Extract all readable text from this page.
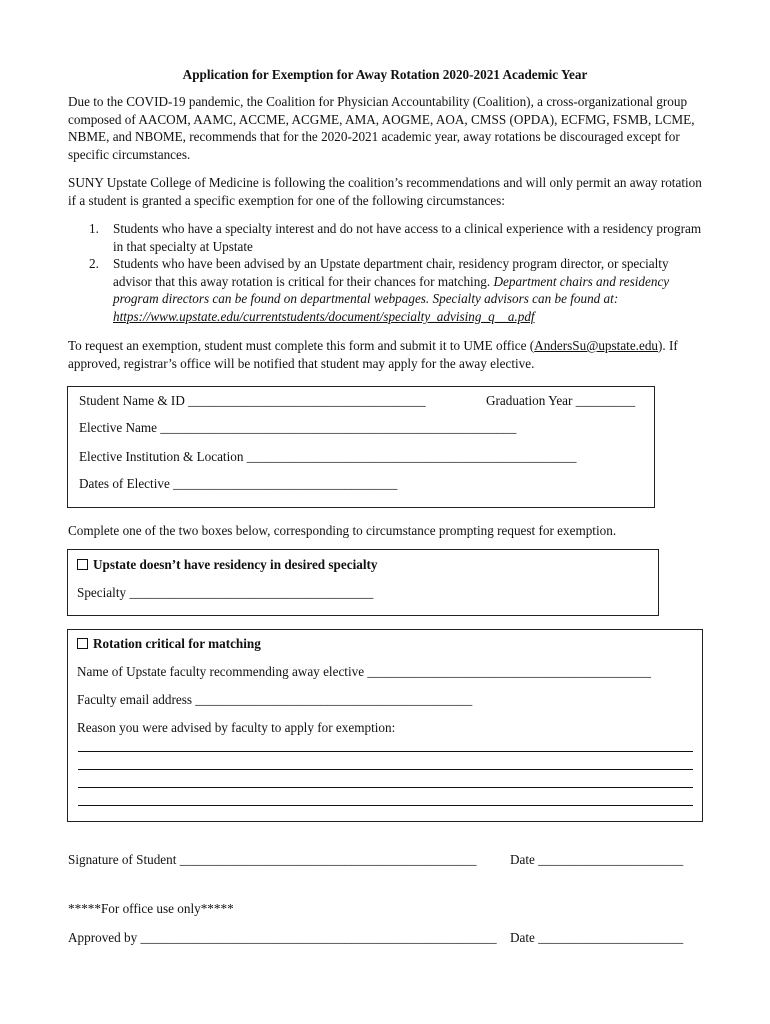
Application for Exemption for Away Rotation 2020-2021 Academic Year
Due to the COVID-19 pandemic, the Coalition for Physician Accountability (Coalition), a cross-organizational group composed of AACOM, AAMC, ACCME, ACGME, AMA, AOGME, AOA, CMSS (OPDA), ECFMG, FSMB, LCME, NBME, and NBOME, recommends that for the 2020-2021 academic year, away rotations be discouraged except for specific circumstances.
SUNY Upstate College of Medicine is following the coalition’s recommendations and will only permit an away rotation if a student is granted a specific exemption for one of the following circumstances:
1. Students who have a specialty interest and do not have access to a clinical experience with a residency program in that specialty at Upstate
2. Students who have been advised by an Upstate department chair, residency program director, or specialty advisor that this away rotation is critical for their chances for matching. Department chairs and residency program directors can be found on departmental webpages. Specialty advisors can be found at: https://www.upstate.edu/currentstudents/document/specialty_advising_q__a.pdf
To request an exemption, student must complete this form and submit it to UME office (AndersSu@upstate.edu). If approved, registrar’s office will be notified that student may apply for the away elective.
Student Name & ID ____________________________________	Graduation Year _________
Elective Name ______________________________________________________
Elective Institution & Location __________________________________________________
Dates of Elective __________________________________
Complete one of the two boxes below, corresponding to circumstance prompting request for exemption.
Upstate doesn’t have residency in desired specialty
Specialty _____________________________________
Rotation critical for matching
Name of Upstate faculty recommending away elective ___________________________________________
Faculty email address __________________________________________
Reason you were advised by faculty to apply for exemption:
Signature of Student _____________________________________________	Date ______________________
*****For office use only*****
Approved by ______________________________________________________ Date ______________________
